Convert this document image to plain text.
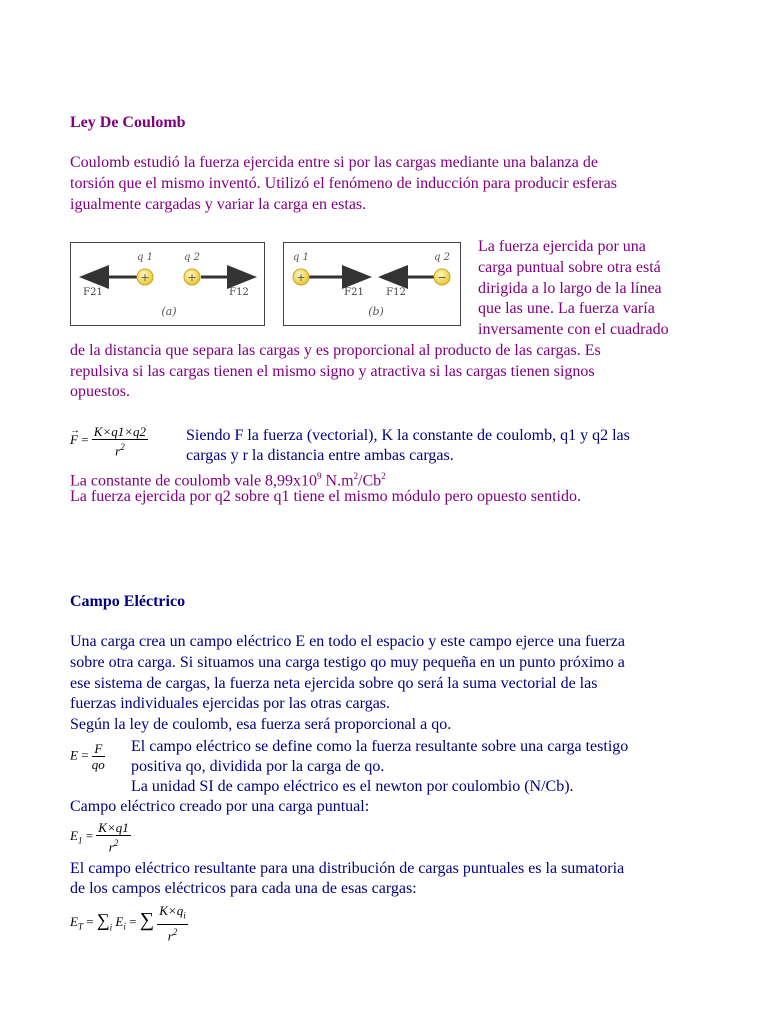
Ley De Coulomb
Coulomb estudió la fuerza ejercida entre si por las cargas mediante una balanza de
torsión que el mismo inventó. Utilizó el fenómeno de inducción para producir esferas
igualmente cargadas y variar la carga en estas.
+	+
q 1	q 2
F21	F12
(a)
+	−
q 1	q 2
F21 F12
(b)
La fuerza ejercida por una
carga puntual sobre otra está
dirigida a lo largo de la línea
que las une. La fuerza varía
inversamente con el cuadrado
de la distancia que separa las cargas y es proporcional al producto de las cargas. Es
repulsiva si las cargas tienen el mismo signo y atractiva si las cargas tienen signos
opuestos.
→
$F = \frac{K\times q1\times q2}{r^2}$ Siendo F la fuerza (vectorial), K la constante de coulomb, q1 y q2 las
cargas y r la distancia entre ambas cargas.
La constante de coulomb vale $8,99x10^9$ $N.m^2/Cb^2$
La fuerza ejercida por q2 sobre q1 tiene el mismo módulo pero opuesto sentido.
Campo Eléctrico
Una carga crea un campo eléctrico E en todo el espacio y este campo ejerce una fuerza
sobre otra carga. Si situamos una carga testigo qo muy pequeña en un punto próximo a
ese sistema de cargas, la fuerza neta ejercida sobre qo será la suma vectorial de las
fuerzas individuales ejercidas por las otras cargas.
Según la ley de coulomb, esa fuerza será proporcional a qo.
$E = \frac{F}{qo}$ El campo eléctrico se define como la fuerza resultante sobre una carga testigo
positiva qo, dividida por la carga de qo.
La unidad SI de campo eléctrico es el newton por coulombio (N/Cb).
Campo eléctrico creado por una carga puntual:
$E_1 = \frac{K\times q1}{r^2}$
El campo eléctrico resultante para una distribución de cargas puntuales es la sumatoria
de los campos eléctricos para cada una de esas cargas:
$E_T = \sum_i$ $E_i$ = ∑ $\frac{K\times q_i}{r^2}$
